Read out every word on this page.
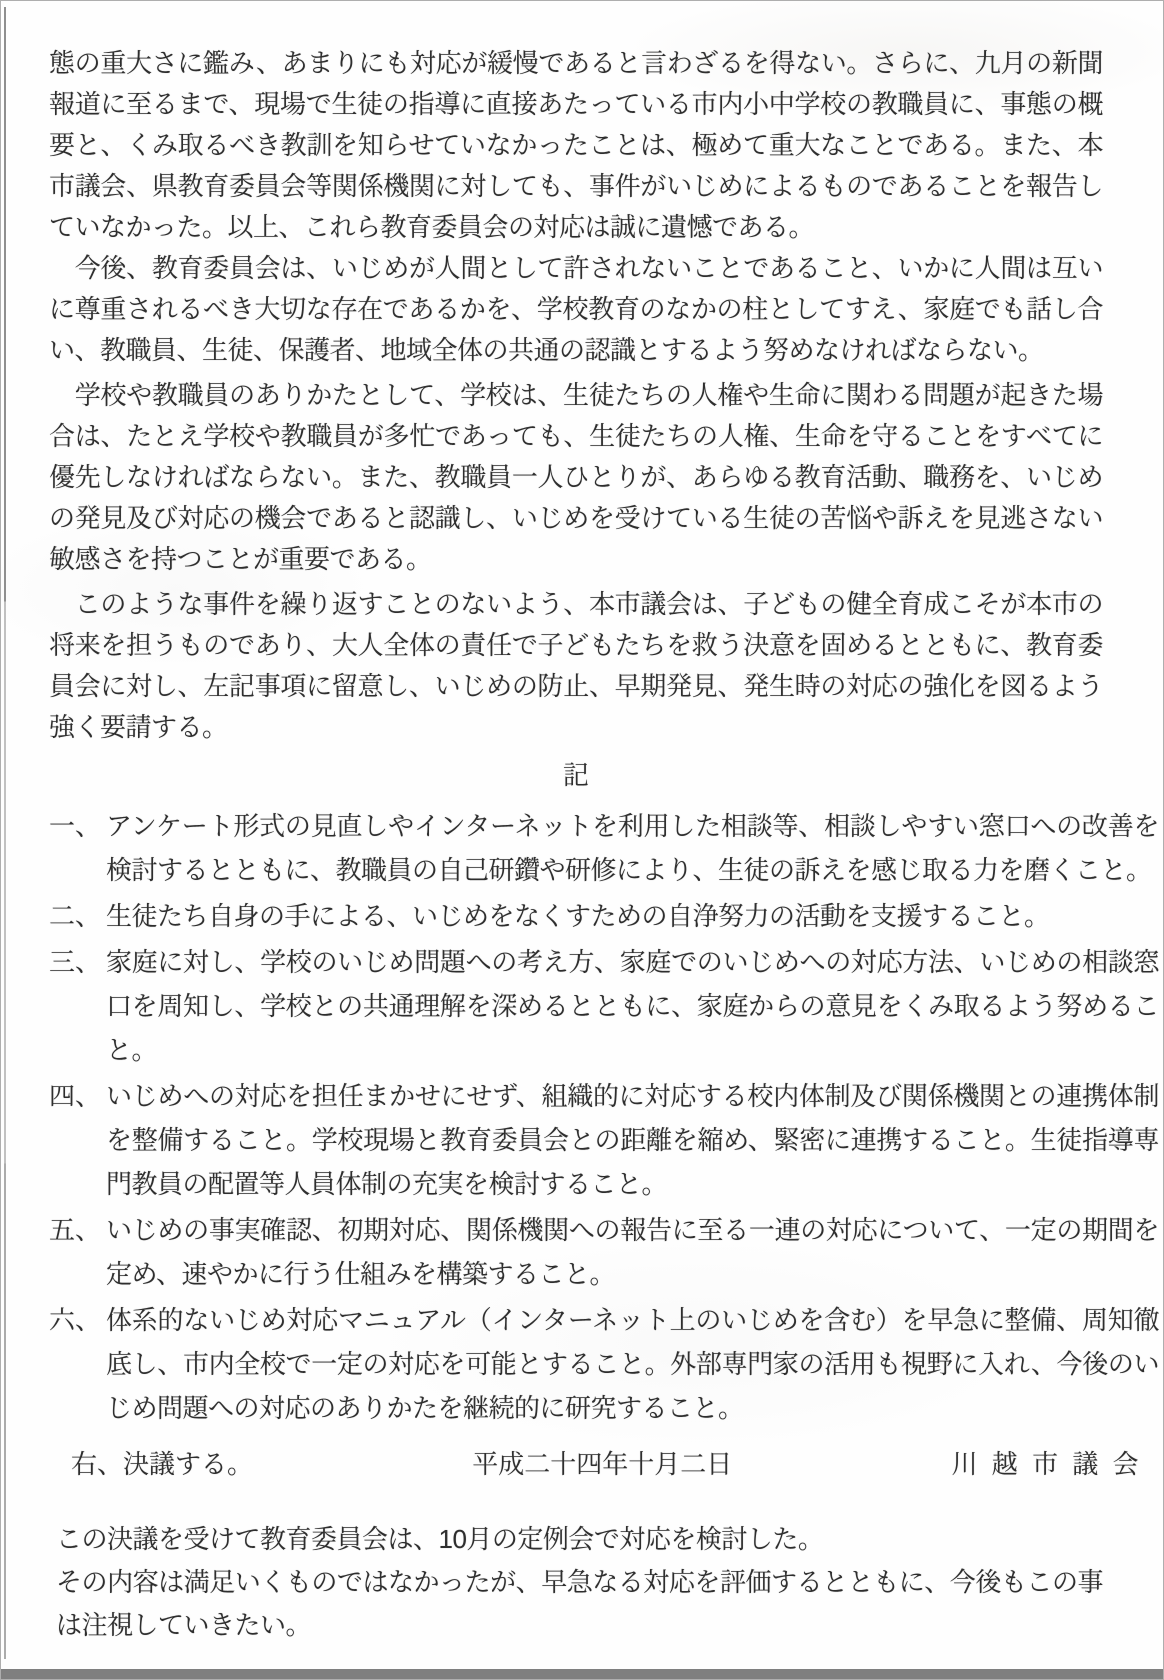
態の重大さに鑑み、あまりにも対応が緩慢であると言わざるを得ない。さらに、九月の新聞報道に至るまで、現場で生徒の指導に直接あたっている市内小中学校の教職員に、事態の概要と、くみ取るべき教訓を知らせていなかったことは、極めて重大なことである。また、本市議会、県教育委員会等関係機関に対しても、事件がいじめによるものであることを報告していなかった。以上、これら教育委員会の対応は誠に遺憾である。

　今後、教育委員会は、いじめが人間として許されないことであること、いかに人間は互いに尊重されるべき大切な存在であるかを、学校教育のなかの柱としてすえ、家庭でも話し合い、教職員、生徒、保護者、地域全体の共通の認識とするよう努めなければならない。

　学校や教職員のありかたとして、学校は、生徒たちの人権や生命に関わる問題が起きた場合は、たとえ学校や教職員が多忙であっても、生徒たちの人権、生命を守ることをすべてに優先しなければならない。また、教職員一人ひとりが、あらゆる教育活動、職務を、いじめの発見及び対応の機会であると認識し、いじめを受けている生徒の苦悩や訴えを見逃さない敏感さを持つことが重要である。

　このような事件を繰り返すことのないよう、本市議会は、子どもの健全育成こそが本市の将来を担うものであり、大人全体の責任で子どもたちを救う決意を固めるとともに、教育委員会に対し、左記事項に留意し、いじめの防止、早期発見、発生時の対応の強化を図るよう強く要請する。

記
一、 アンケート形式の見直しやインターネットを利用した相談等、相談しやすい窓口への改善を検討するとともに、教職員の自己研鑽や研修により、生徒の訴えを感じ取る力を磨くこと。
二、 生徒たち自身の手による、いじめをなくすための自浄努力の活動を支援すること。
三、 家庭に対し、学校のいじめ問題への考え方、家庭でのいじめへの対応方法、いじめの相談窓口を周知し、学校との共通理解を深めるとともに、家庭からの意見をくみ取るよう努めること。
四、 いじめへの対応を担任まかせにせず、組織的に対応する校内体制及び関係機関との連携体制を整備すること。学校現場と教育委員会との距離を縮め、緊密に連携すること。生徒指導専門教員の配置等人員体制の充実を検討すること。
五、 いじめの事実確認、初期対応、関係機関への報告に至る一連の対応について、一定の期間を定め、速やかに行う仕組みを構築すること。
六、 体系的ないじめ対応マニュアル（インターネット上のいじめを含む）を早急に整備、周知徹底し、市内全校で一定の対応を可能とすること。外部専門家の活用も視野に入れ、今後のいじめ問題への対応のありかたを継続的に研究すること。
右、決議する。	平成二十四年十月二日	川越市議会

この決議を受けて教育委員会は、10月の定例会で対応を検討した。

その内容は満足いくものではなかったが、早急なる対応を評価するとともに、今後もこの事は注視していきたい。
